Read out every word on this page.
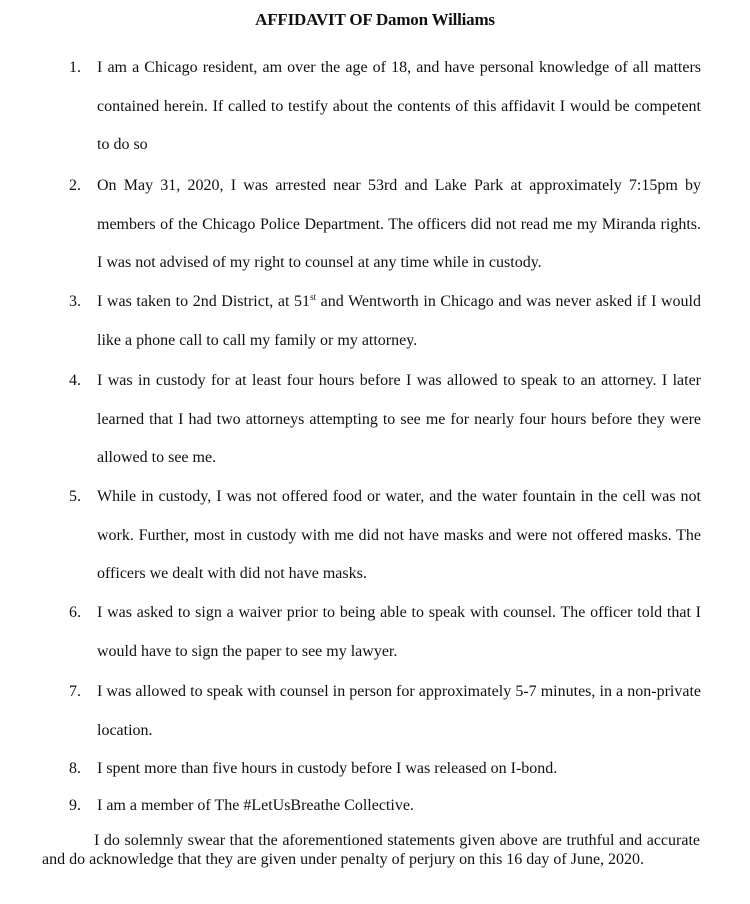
AFFIDAVIT OF Damon Williams
1. I am a Chicago resident, am over the age of 18, and have personal knowledge of all matters contained herein. If called to testify about the contents of this affidavit I would be competent to do so
2. On May 31, 2020, I was arrested near 53rd and Lake Park at approximately 7:15pm by members of the Chicago Police Department. The officers did not read me my Miranda rights. I was not advised of my right to counsel at any time while in custody.
3. I was taken to 2nd District, at 51st and Wentworth in Chicago and was never asked if I would like a phone call to call my family or my attorney.
4. I was in custody for at least four hours before I was allowed to speak to an attorney. I later learned that I had two attorneys attempting to see me for nearly four hours before they were allowed to see me.
5. While in custody, I was not offered food or water, and the water fountain in the cell was not work. Further, most in custody with me did not have masks and were not offered masks. The officers we dealt with did not have masks.
6. I was asked to sign a waiver prior to being able to speak with counsel. The officer told that I would have to sign the paper to see my lawyer.
7. I was allowed to speak with counsel in person for approximately 5-7 minutes, in a non-private location.
8. I spent more than five hours in custody before I was released on I-bond.
9. I am a member of The #LetUsBreathe Collective.
I do solemnly swear that the aforementioned statements given above are truthful and accurate and do acknowledge that they are given under penalty of perjury on this 16 day of June, 2020.
